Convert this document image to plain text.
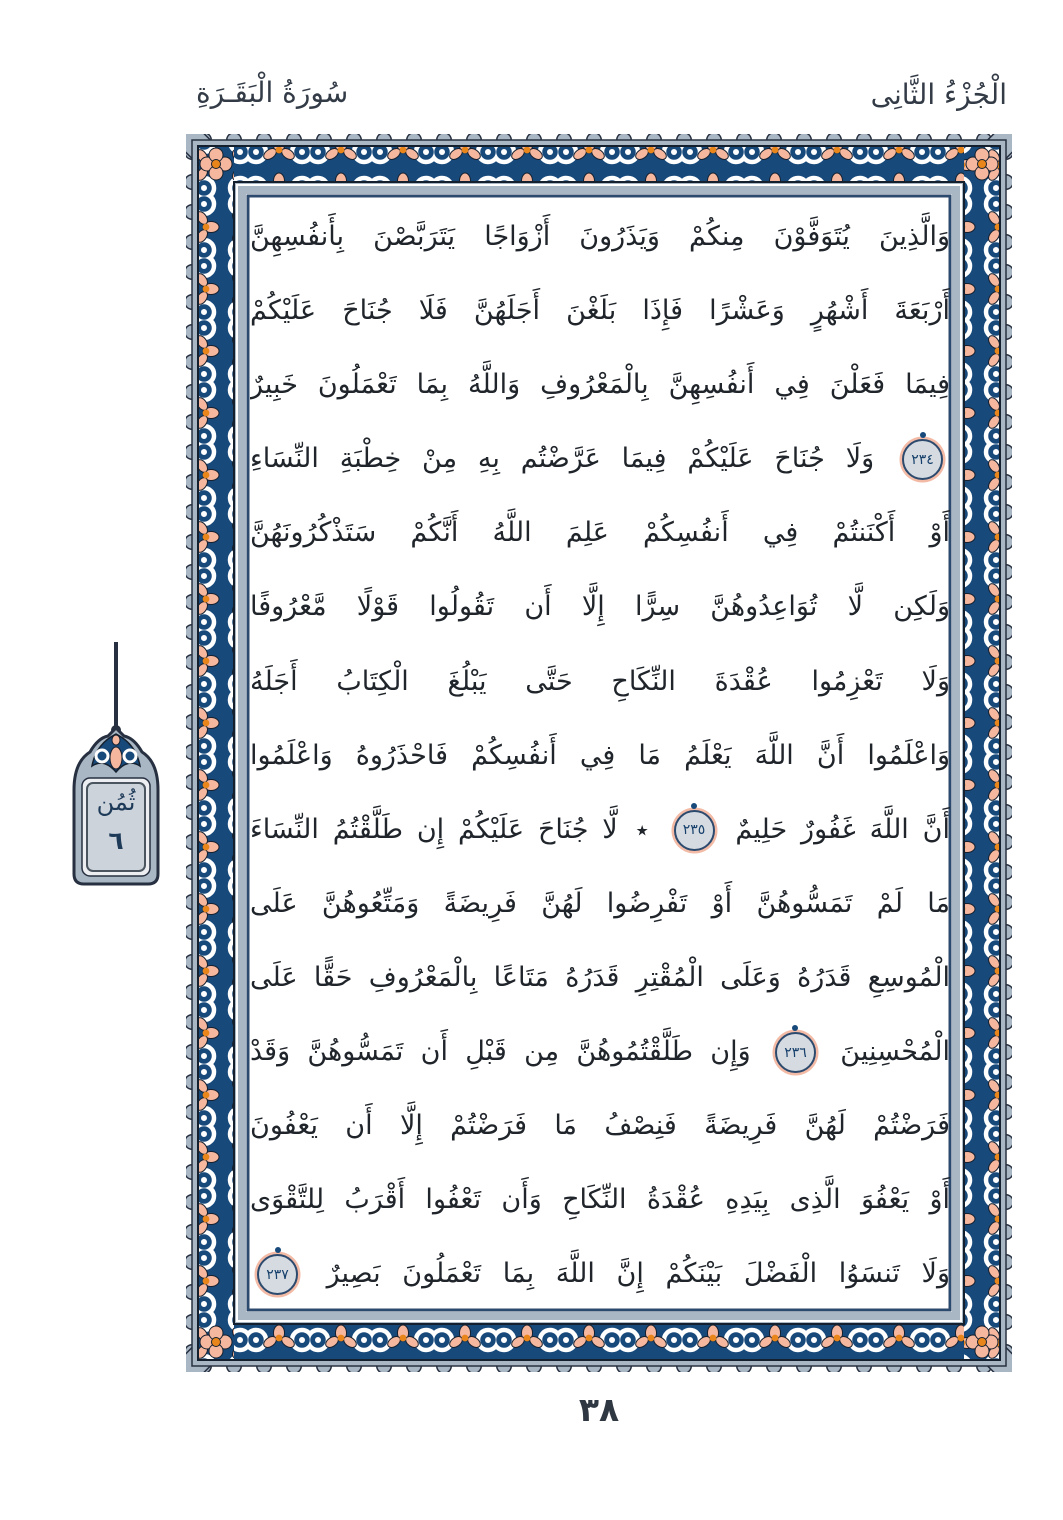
سُورَةُ الْبَقَـرَةِ	الْجُزْءُ الثَّانِى
وَالَّذِينَ يُتَوَفَّوْنَ مِنكُمْ وَيَذَرُونَ أَزْوَاجًا يَتَرَبَّصْنَ بِأَنفُسِهِنَّ
أَرْبَعَةَ أَشْهُرٍ وَعَشْرًا فَإِذَا بَلَغْنَ أَجَلَهُنَّ فَلَا جُنَاحَ عَلَيْكُمْ
فِيمَا فَعَلْنَ فِي أَنفُسِهِنَّ بِالْمَعْرُوفِ وَاللَّهُ بِمَا تَعْمَلُونَ خَبِيرٌ
٢٣٤ وَلَا جُنَاحَ عَلَيْكُمْ فِيمَا عَرَّضْتُم بِهِ مِنْ خِطْبَةِ النِّسَاءِ
أَوْ أَكْنَنتُمْ فِي أَنفُسِكُمْ عَلِمَ اللَّهُ أَنَّكُمْ سَتَذْكُرُونَهُنَّ
وَلَكِن لَّا تُوَاعِدُوهُنَّ سِرًّا إِلَّا أَن تَقُولُوا قَوْلًا مَّعْرُوفًا
وَلَا تَعْزِمُوا عُقْدَةَ النِّكَاحِ حَتَّى يَبْلُغَ الْكِتَابُ أَجَلَهُ
وَاعْلَمُوا أَنَّ اللَّهَ يَعْلَمُ مَا فِي أَنفُسِكُمْ فَاحْذَرُوهُ وَاعْلَمُوا
أَنَّ اللَّهَ غَفُورٌ حَلِيمٌ ٢٣٥ ٭ لَّا جُنَاحَ عَلَيْكُمْ إِن طَلَّقْتُمُ النِّسَاءَ
مَا لَمْ تَمَسُّوهُنَّ أَوْ تَفْرِضُوا لَهُنَّ فَرِيضَةً وَمَتِّعُوهُنَّ عَلَى
الْمُوسِعِ قَدَرُهُ وَعَلَى الْمُقْتِرِ قَدَرُهُ مَتَاعًا بِالْمَعْرُوفِ حَقًّا عَلَى
الْمُحْسِنِينَ ٢٣٦ وَإِن طَلَّقْتُمُوهُنَّ مِن قَبْلِ أَن تَمَسُّوهُنَّ وَقَدْ
فَرَضْتُمْ لَهُنَّ فَرِيضَةً فَنِصْفُ مَا فَرَضْتُمْ إِلَّا أَن يَعْفُونَ
أَوْ يَعْفُوَ الَّذِى بِيَدِهِ عُقْدَةُ النِّكَاحِ وَأَن تَعْفُوا أَقْرَبُ لِلتَّقْوَى
وَلَا تَنسَوُا الْفَضْلَ بَيْنَكُمْ إِنَّ اللَّهَ بِمَا تَعْمَلُونَ بَصِيرٌ ٢٣٧
ثُمُن
٦
٣٨
